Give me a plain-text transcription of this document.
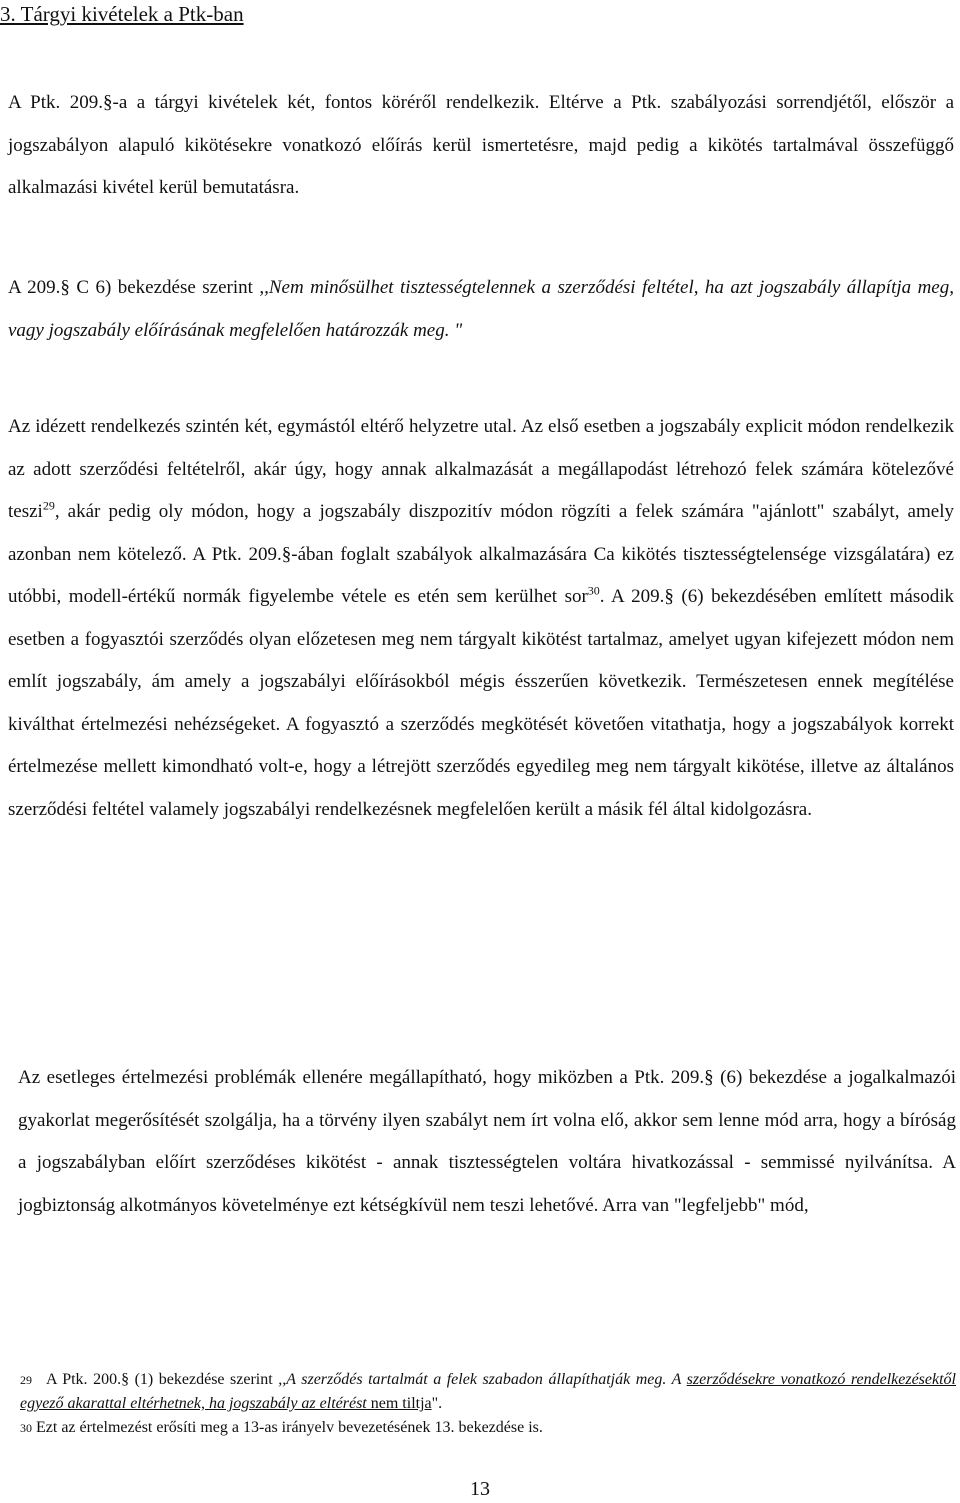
3. Tárgyi kivételek a Ptk-ban

A Ptk. 209.§-a a tárgyi kivételek két, fontos köréről rendelkezik. Eltérve a Ptk. szabályozási sorrendjétől, először a jogszabályon alapuló kikötésekre vonatkozó előírás kerül ismertetésre, majd pedig a kikötés tartalmával összefüggő alkalmazási kivétel kerül bemutatásra.

A 209.§ C 6) bekezdése szerint ,,Nem minősülhet tisztességtelennek a szerződési feltétel, ha azt jogszabály állapítja meg, vagy jogszabály előírásának megfelelően határozzák meg. "

Az idézett rendelkezés szintén két, egymástól eltérő helyzetre utal. Az első esetben a jogszabály explicit módon rendelkezik az adott szerződési feltételről, akár úgy, hogy annak alkalmazását a megállapodást létrehozó felek számára kötelezővé teszi$^{29}$, akár pedig oly módon, hogy a jogszabály diszpozitív módon rögzíti a felek számára "ajánlott" szabályt, amely azonban nem kötelező. A Ptk. 209.§-ában foglalt szabályok alkalmazására Ca kikötés tisztességtelensége vizsgálatára) ez utóbbi, modell-értékű normák figyelembe vétele es etén sem kerülhet sor$^{30}$. A 209.§ (6) bekezdésében említett második esetben a fogyasztói szerződés olyan előzetesen meg nem tárgyalt kikötést tartalmaz, amelyet ugyan kifejezett módon nem említ jogszabály, ám amely a jogszabályi előírásokból mégis ésszerűen következik. Természetesen ennek megítélése kiválthat értelmezési nehézségeket. A fogyasztó a szerződés megkötését követően vitathatja, hogy a jogszabályok korrekt értelmezése mellett kimondható volt-e, hogy a létrejött szerződés egyedileg meg nem tárgyalt kikötése, illetve az általános szerződési feltétel valamely jogszabályi rendelkezésnek megfelelően került a másik fél által kidolgozásra.

Az esetleges értelmezési problémák ellenére megállapítható, hogy miközben a Ptk. 209.§ (6) bekezdése a jogalkalmazói gyakorlat megerősítését szolgálja, ha a törvény ilyen szabályt nem írt volna elő, akkor sem lenne mód arra, hogy a bíróság a jogszabályban előírt szerződéses kikötést - annak tisztességtelen voltára hivatkozással - semmissé nyilvánítsa. A jogbiztonság alkotmányos követelménye ezt kétségkívül nem teszi lehetővé. Arra van "legfeljebb" mód,

29 A Ptk. 200.§ (1) bekezdése szerint ,,A szerződés tartalmát a felek szabadon állapíthatják meg. A szerződésekre vonatkozó rendelkezésektől egyező akarattal eltérhetnek, ha jogszabály az eltérést nem tiltja".

30 Ezt az értelmezést erősíti meg a 13-as irányelv bevezetésének 13. bekezdése is.

13
